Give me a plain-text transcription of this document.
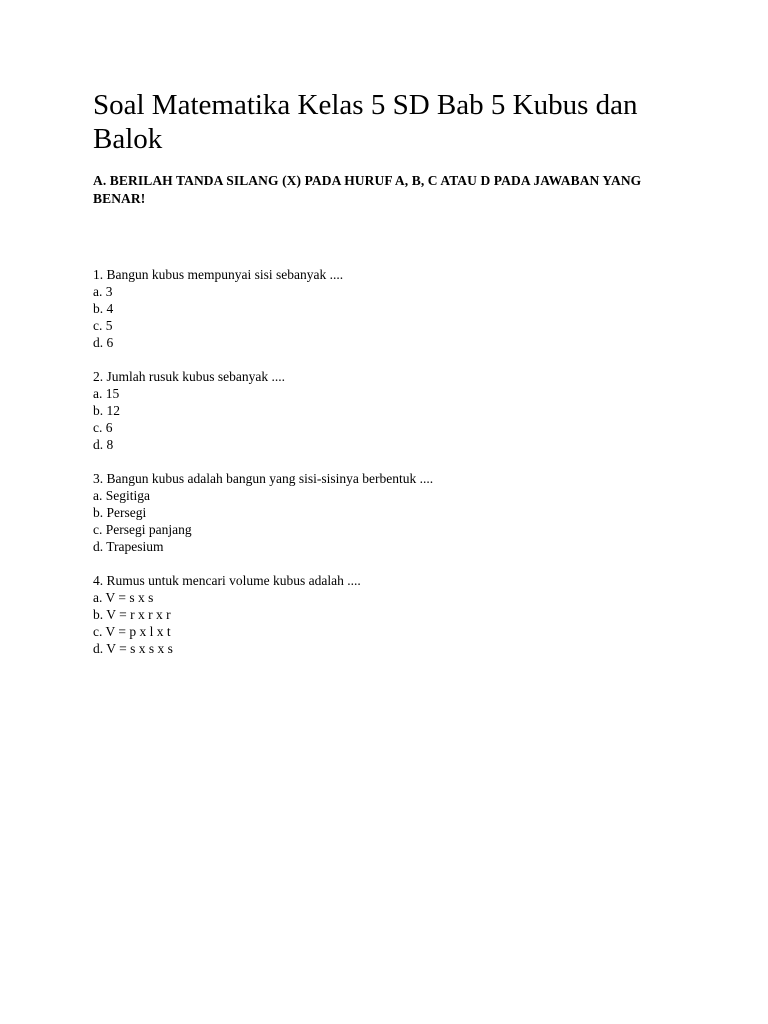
Soal Matematika Kelas 5 SD Bab 5 Kubus dan Balok
A. BERILAH TANDA SILANG (X) PADA HURUF A, B, C ATAU D PADA JAWABAN YANG BENAR!
1. Bangun kubus mempunyai sisi sebanyak ....
a. 3
b. 4
c. 5
d. 6
2. Jumlah rusuk kubus sebanyak ....
a. 15
b. 12
c. 6
d. 8
3. Bangun kubus adalah bangun yang sisi-sisinya berbentuk ....
a. Segitiga
b. Persegi
c. Persegi panjang
d. Trapesium
4. Rumus untuk mencari volume kubus adalah ....
a. V = s x s
b. V = r x r x r
c. V = p x l x t
d. V = s x s x s
